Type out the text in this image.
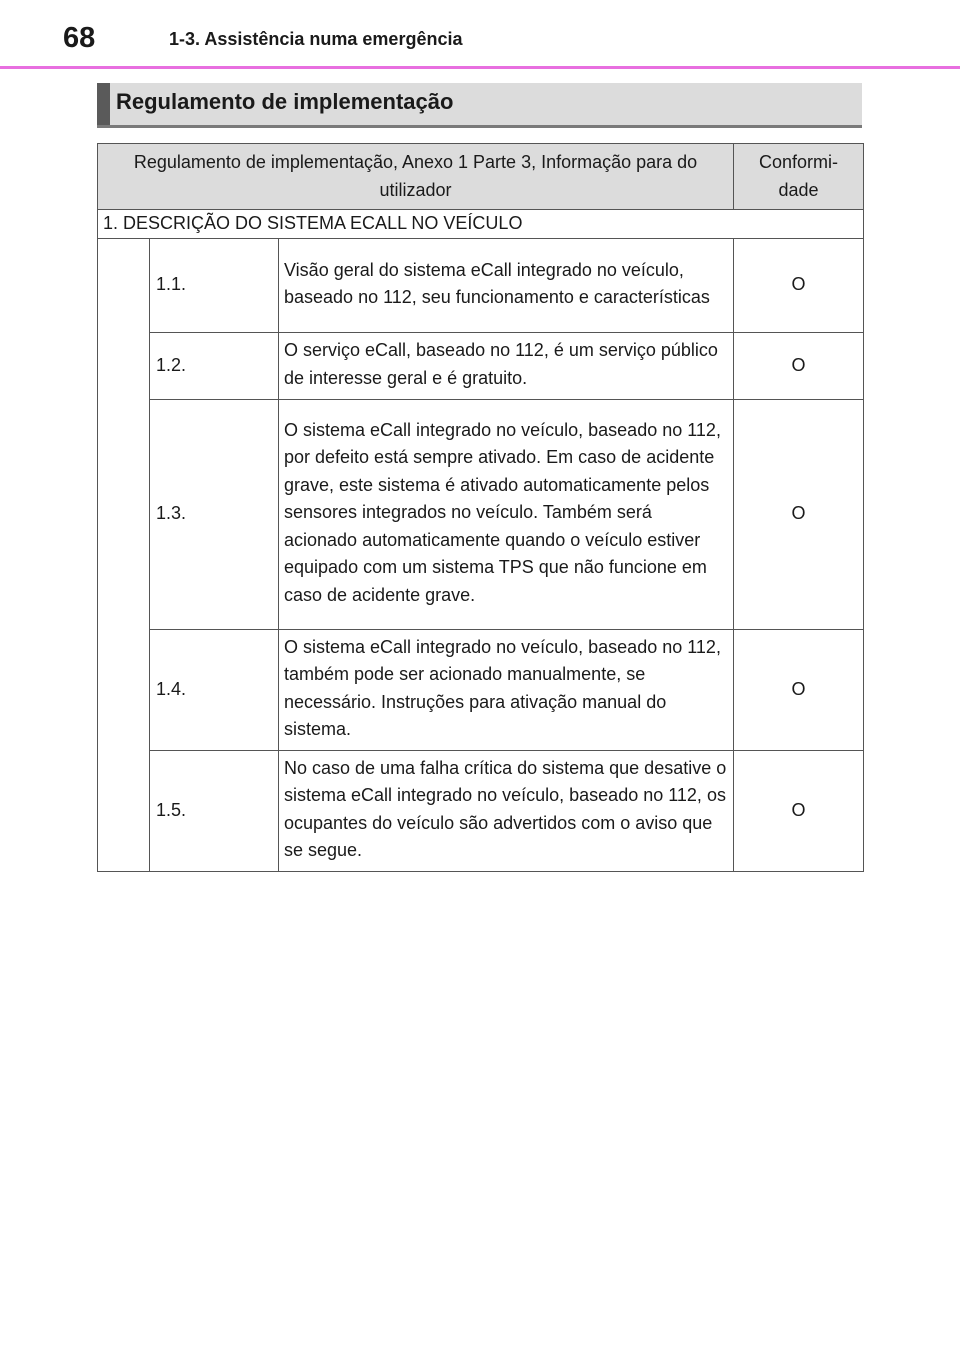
68	1-3. Assistência numa emergência
Regulamento de implementação
Regulamento de implementação, Anexo 1 Parte 3, Informação para do utilizador			Conformi- dade
1. DESCRIÇÃO DO SISTEMA ECALL NO VEÍCULO			
	1.1.	Visão geral do sistema eCall integrado no veículo, baseado no 112, seu funcionamento e características	O
	1.2.	O serviço eCall, baseado no 112, é um serviço público de interesse geral e é gratuito.	O
	1.3.	O sistema eCall integrado no veículo, baseado no 112, por defeito está sempre ativado. Em caso de acidente grave, este sistema é ativado automaticamente pelos sensores integrados no veículo. Também será acionado automaticamente quando o veículo estiver equipado com um sistema TPS que não funcione em caso de acidente grave.	O
	1.4.	O sistema eCall integrado no veículo, baseado no 112, também pode ser acionado manualmente, se necessário. Instruções para ativação manual do sistema.	O
	1.5.	No caso de uma falha crítica do sistema que desative o sistema eCall integrado no veículo, baseado no 112, os ocupantes do veículo são advertidos com o aviso que se segue.	O
